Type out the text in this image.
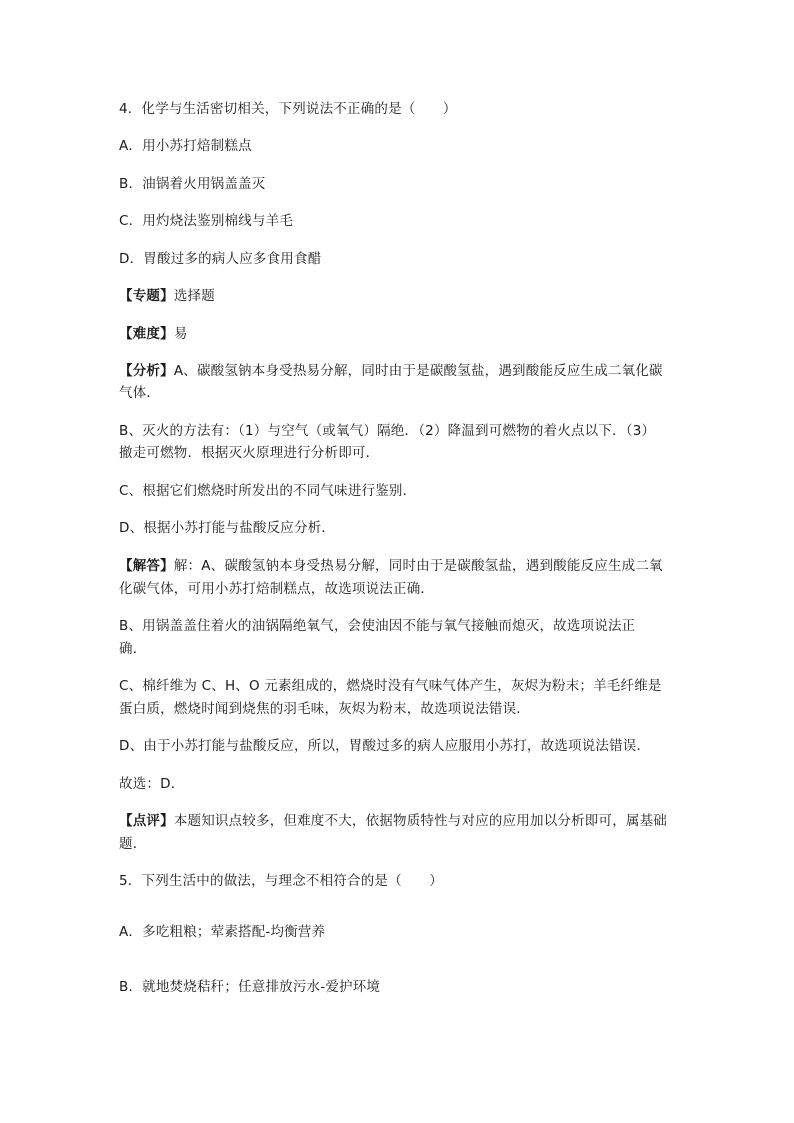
4．化学与生活密切相关，下列说法不正确的是（　　）
A．用小苏打焙制糕点
B．油锅着火用锅盖盖灭
C．用灼烧法鉴别棉线与羊毛
D．胃酸过多的病人应多食用食醋
【专题】选择题
【难度】易
【分析】A、碳酸氢钠本身受热易分解，同时由于是碳酸氢盐，遇到酸能反应生成二氧化碳
气体．
B、灭火的方法有：（1）与空气（或氧气）隔绝．（2）降温到可燃物的着火点以下．（3）
撤走可燃物．根据灭火原理进行分析即可．
C、根据它们燃烧时所发出的不同气味进行鉴别．
D、根据小苏打能与盐酸反应分析．
【解答】解：A、碳酸氢钠本身受热易分解，同时由于是碳酸氢盐，遇到酸能反应生成二氧
化碳气体，可用小苏打焙制糕点，故选项说法正确．
B、用锅盖盖住着火的油锅隔绝氧气，会使油因不能与氧气接触而熄灭，故选项说法正
确．
C、棉纤维为 C、H、O 元素组成的，燃烧时没有气味气体产生，灰烬为粉末；羊毛纤维是
蛋白质，燃烧时闻到烧焦的羽毛味，灰烬为粉末，故选项说法错误．
D、由于小苏打能与盐酸反应，所以，胃酸过多的病人应服用小苏打，故选项说法错误．
故选：D．
【点评】本题知识点较多，但难度不大，依据物质特性与对应的应用加以分析即可，属基础
题．
5．下列生活中的做法，与理念不相符合的是（　　）
A．多吃粗粮；荤素搭配-均衡营养
B．就地焚烧秸秆；任意排放污水-爱护环境
